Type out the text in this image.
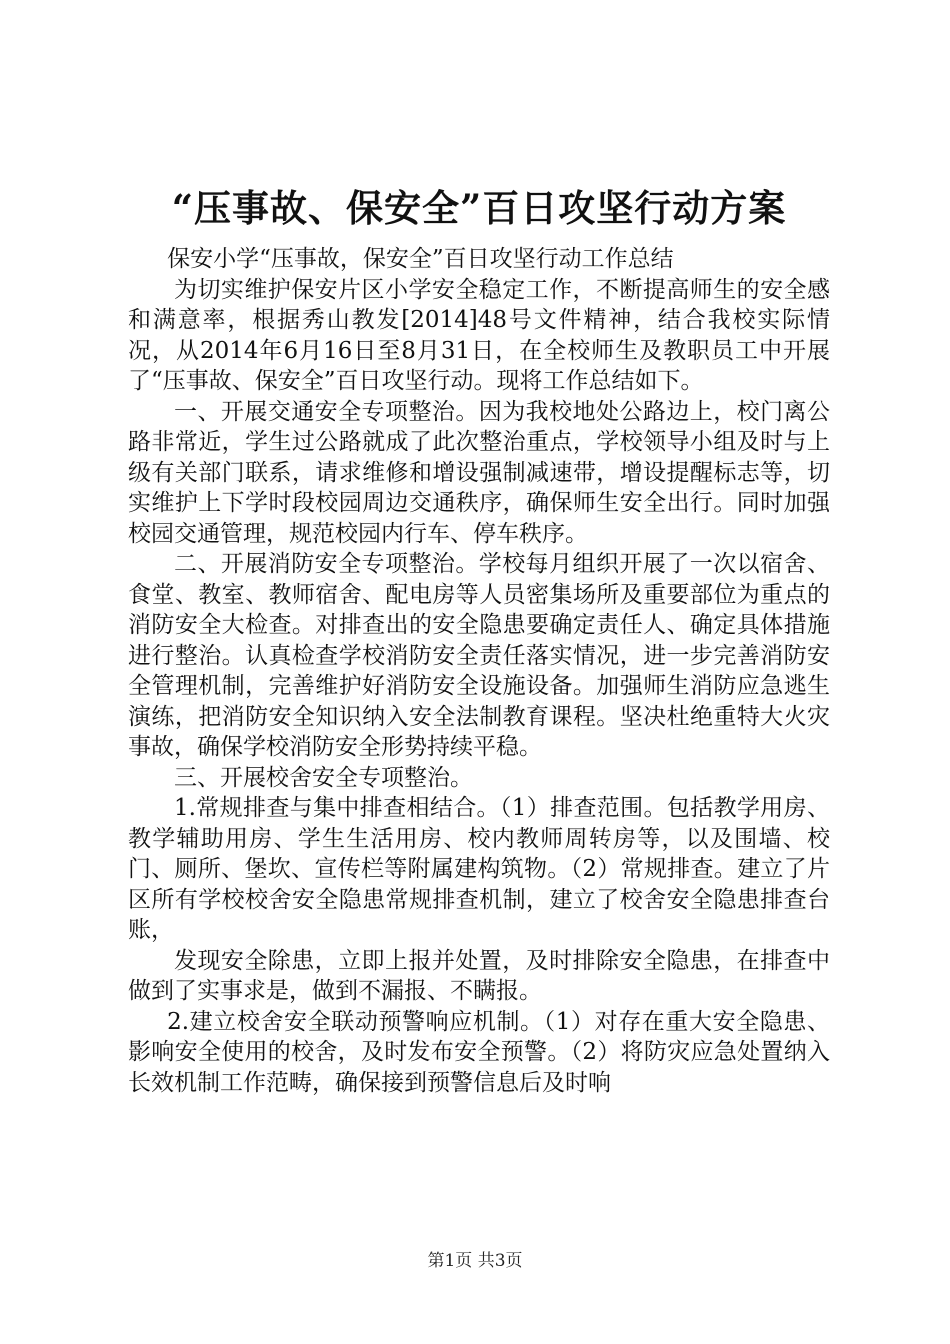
“压事故、保安全”百日攻坚行动方案

保安小学“压事故，保安全”百日攻坚行动工作总结

为切实维护保安片区小学安全稳定工作，不断提高师生的安全感和满意率，根据秀山教发[2014]48号文件精神，结合我校实际情况，从2014年6月16日至8月31日，在全校师生及教职员工中开展了“压事故、保安全”百日攻坚行动。现将工作总结如下。

一、开展交通安全专项整治。因为我校地处公路边上，校门离公路非常近，学生过公路就成了此次整治重点，学校领导小组及时与上级有关部门联系，请求维修和增设强制减速带，增设提醒标志等，切实维护上下学时段校园周边交通秩序，确保师生安全出行。同时加强校园交通管理，规范校园内行车、停车秩序。

二、开展消防安全专项整治。学校每月组织开展了一次以宿舍、食堂、教室、教师宿舍、配电房等人员密集场所及重要部位为重点的消防安全大检查。对排查出的安全隐患要确定责任人、确定具体措施进行整治。认真检查学校消防安全责任落实情况，进一步完善消防安全管理机制，完善维护好消防安全设施设备。加强师生消防应急逃生演练，把消防安全知识纳入安全法制教育课程。坚决杜绝重特大火灾事故，确保学校消防安全形势持续平稳。

三、开展校舍安全专项整治。

1.常规排查与集中排查相结合。（1）排查范围。包括教学用房、教学辅助用房、学生生活用房、校内教师周转房等，以及围墙、校门、厕所、堡坎、宣传栏等附属建构筑物。（2）常规排查。建立了片区所有学校校舍安全隐患常规排查机制，建立了校舍安全隐患排查台账，

发现安全除患，立即上报并处置，及时排除安全隐患，在排查中做到了实事求是，做到不漏报、不瞒报。

2.建立校舍安全联动预警响应机制。（1）对存在重大安全隐患、影响安全使用的校舍，及时发布安全预警。（2）将防灾应急处置纳入长效机制工作范畴，确保接到预警信息后及时响

第1页 共3页
